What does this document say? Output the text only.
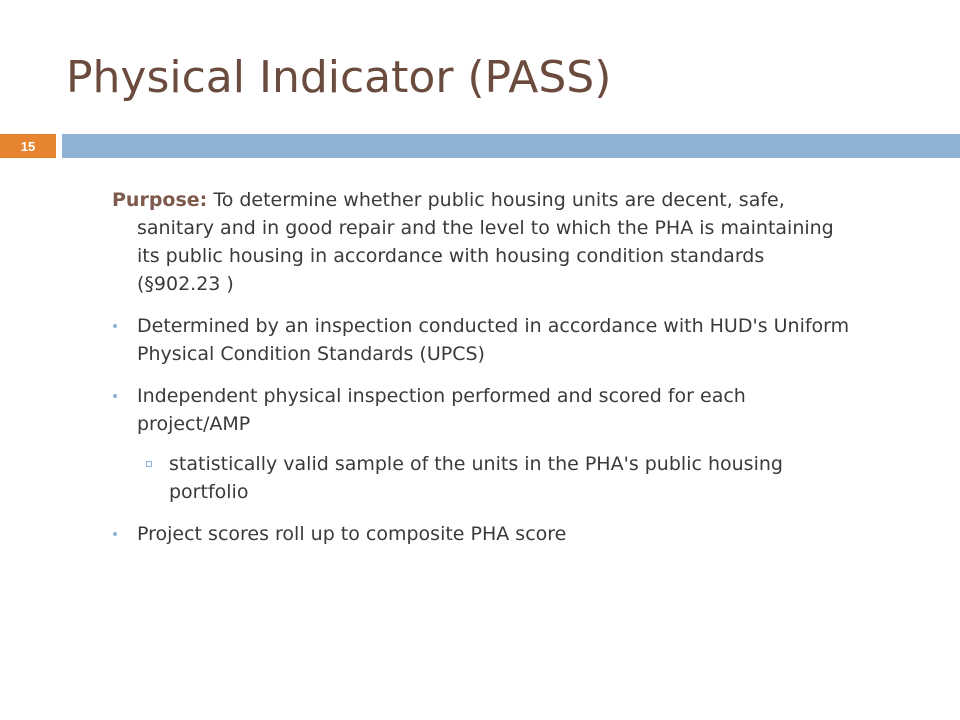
Physical Indicator (PASS)
15

Purpose: To determine whether public housing units are decent, safe, sanitary and in good repair and the level to which the PHA is maintaining its public housing in accordance with housing condition standards (§902.23 )

Determined by an inspection conducted in accordance with HUD's Uniform Physical Condition Standards (UPCS)
Independent physical inspection performed and scored for each project/AMP
statistically valid sample of the units in the PHA's public housing portfolio
Project scores roll up to composite PHA score
